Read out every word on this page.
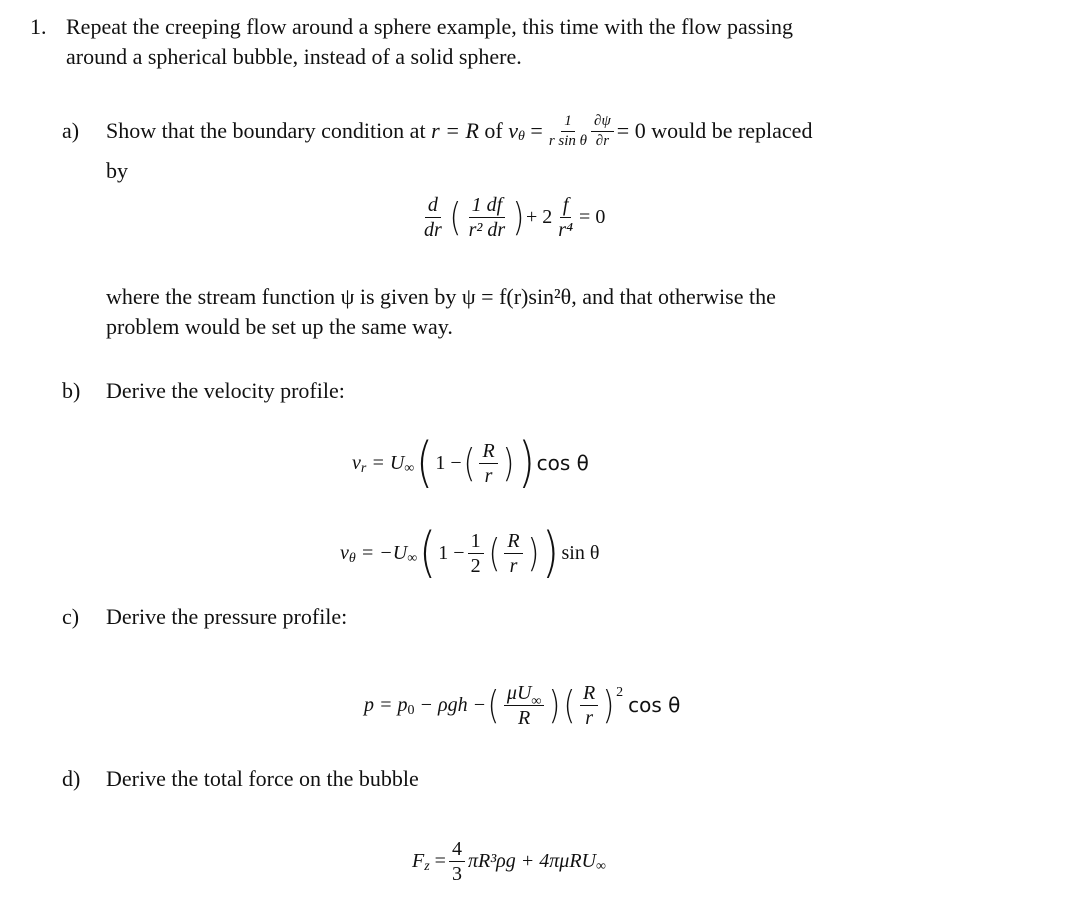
1. Repeat the creeping flow around a sphere example, this time with the flow passing
around a spherical bubble, instead of a solid sphere.
a) Show that the boundary condition at
r = R
of
v $\theta = \frac{1}{\text{r sin θ}} \frac{\partial\psi}{\partial r} = 0$ would be replaced
by
$\frac{d}{dr}$ ( $\frac{1 df}{\text{r² dr}}$ ) + $2 \frac{f}{\text{r⁴}} = 0$
where the stream function ψ is given by ψ = f(r)sin²θ, and that otherwise the
problem would be set up the same way.
b) Derive the velocity profile:
v r
= U ∞ ( 1 − ( $\frac{R}{r}$ ) ) cos θ
v θ
= −U ∞ ( $1 - \frac{1}{2}$ ( $\frac{R}{r}$ ) ) sin θ
c) Derive the pressure profile:
p = p 0
− ρgh − ( $\frac{\mu U_\infty}{R}$ ) ( $\frac{R}{r}$ ) 2

cos θ
d) Derive the total force on the bubble
F z
= $\frac{4}{3} \pi R^3\rho g + 4\pi\mu RU$ ∞
